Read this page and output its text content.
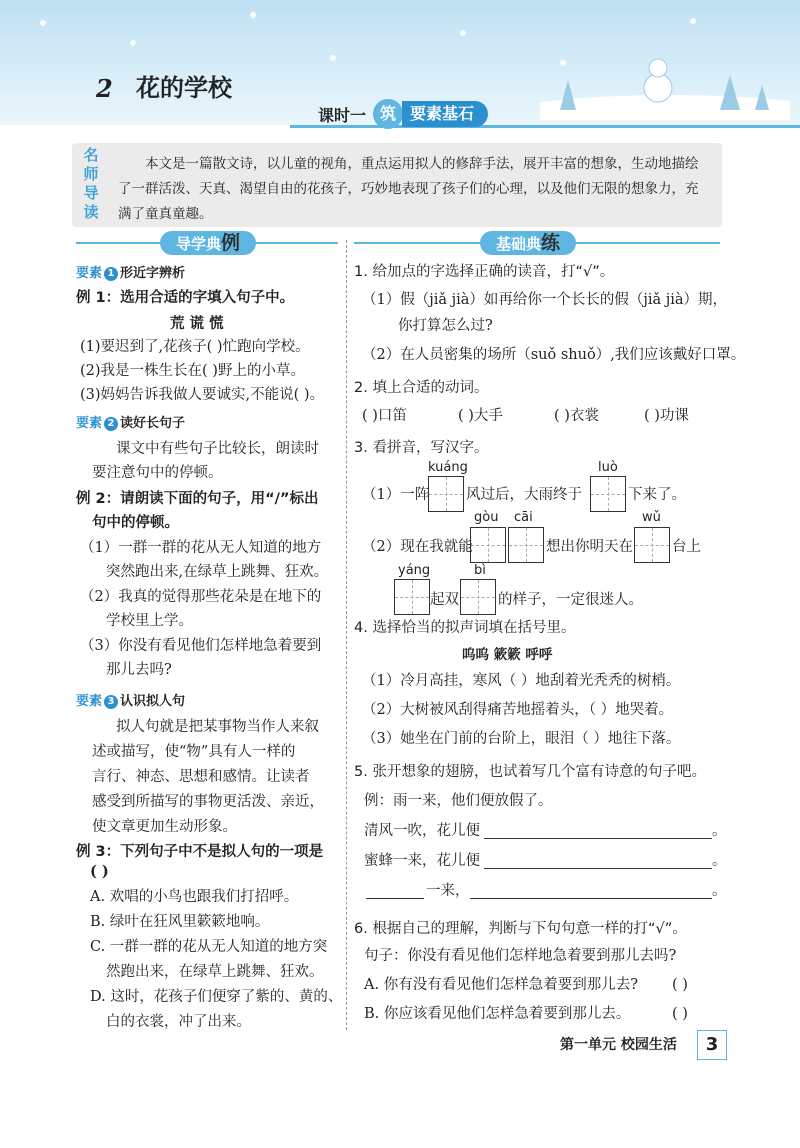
2 花的学校
课时一 筑 要素基石
名
师
导
读
本文是一篇散文诗，以儿童的视角，重点运用拟人的修辞手法，展开丰富的想象，生动地描绘了一群活泼、天真、渴望自由的花孩子，巧妙地表现了孩子们的心理，以及他们无限的想象力，充满了童真童趣。
导学典例	基础典练
要素 1 形近字辨析
例 1：选用合适的字填入句子中。
荒 谎 慌
(1)要迟到了,花孩子( )忙跑向学校。
(2)我是一株生长在( )野上的小草。
(3)妈妈告诉我做人要诚实,不能说( )。
要素 2 读好长句子
课文中有些句子比较长，朗读时
要注意句中的停顿。
例 2：请朗读下面的句子，用“/”标出
句中的停顿。
（1）一群一群的花从无人知道的地方
突然跑出来,在绿草上跳舞、狂欢。
（2）我真的觉得那些花朵是在地下的
学校里上学。
（3）你没有看见他们怎样地急着要到
那儿去吗?
要素 3 认识拟人句
拟人句就是把某事物当作人来叙
述或描写，使“物”具有人一样的
言行、神态、思想和感情。让读者
感受到所描写的事物更活泼、亲近，
使文章更加生动形象。
例 3：下列句子中不是拟人句的一项是
( )
A. 欢唱的小鸟也跟我们打招呼。
B. 绿叶在狂风里簌簌地响。
C. 一群一群的花从无人知道的地方突
然跑出来，在绿草上跳舞、狂欢。
D. 这时，花孩子们便穿了紫的、黄的、
白的衣裳，冲了出来。
1. 给加点的字选择正确的读音，打“√”。
（1）假（jiǎ jià）如再给你一个长长的假（jiǎ jià）期，
你打算怎么过?
（2）在人员密集的场所（suǒ shuǒ）,我们应该戴好口罩。
2. 填上合适的动词。
( )口笛	( )大手	( )衣裳	( )功课
3. 看拼音，写汉字。
kuáng	luò
（1）一阵	风过后，大雨终于	下来了。
gòu cāi	wǔ
（2）现在我就能	想出你明天在	台上
yáng	bì
起双	的样子，一定很迷人。
4. 选择恰当的拟声词填在括号里。
呜呜 簌簌 呼呼
（1）冷月高挂，寒风（ ）地刮着光秃秃的树梢。
（2）大树被风刮得痛苦地摇着头，（ ）地哭着。
（3）她坐在门前的台阶上，眼泪（ ）地往下落。
5. 张开想象的翅膀，也试着写几个富有诗意的句子吧。
例：雨一来，他们便放假了。
清风一吹，花儿便	。
蜜蜂一来，花儿便	。
一来，	。
6. 根据自己的理解，判断与下句句意一样的打“√”。
句子：你没有看见他们怎样地急着要到那儿去吗?
A. 你有没有看见他们怎样急着要到那儿去? ( )
B. 你应该看见他们怎样急着要到那儿去。	( )
第一单元 校园生活	3
